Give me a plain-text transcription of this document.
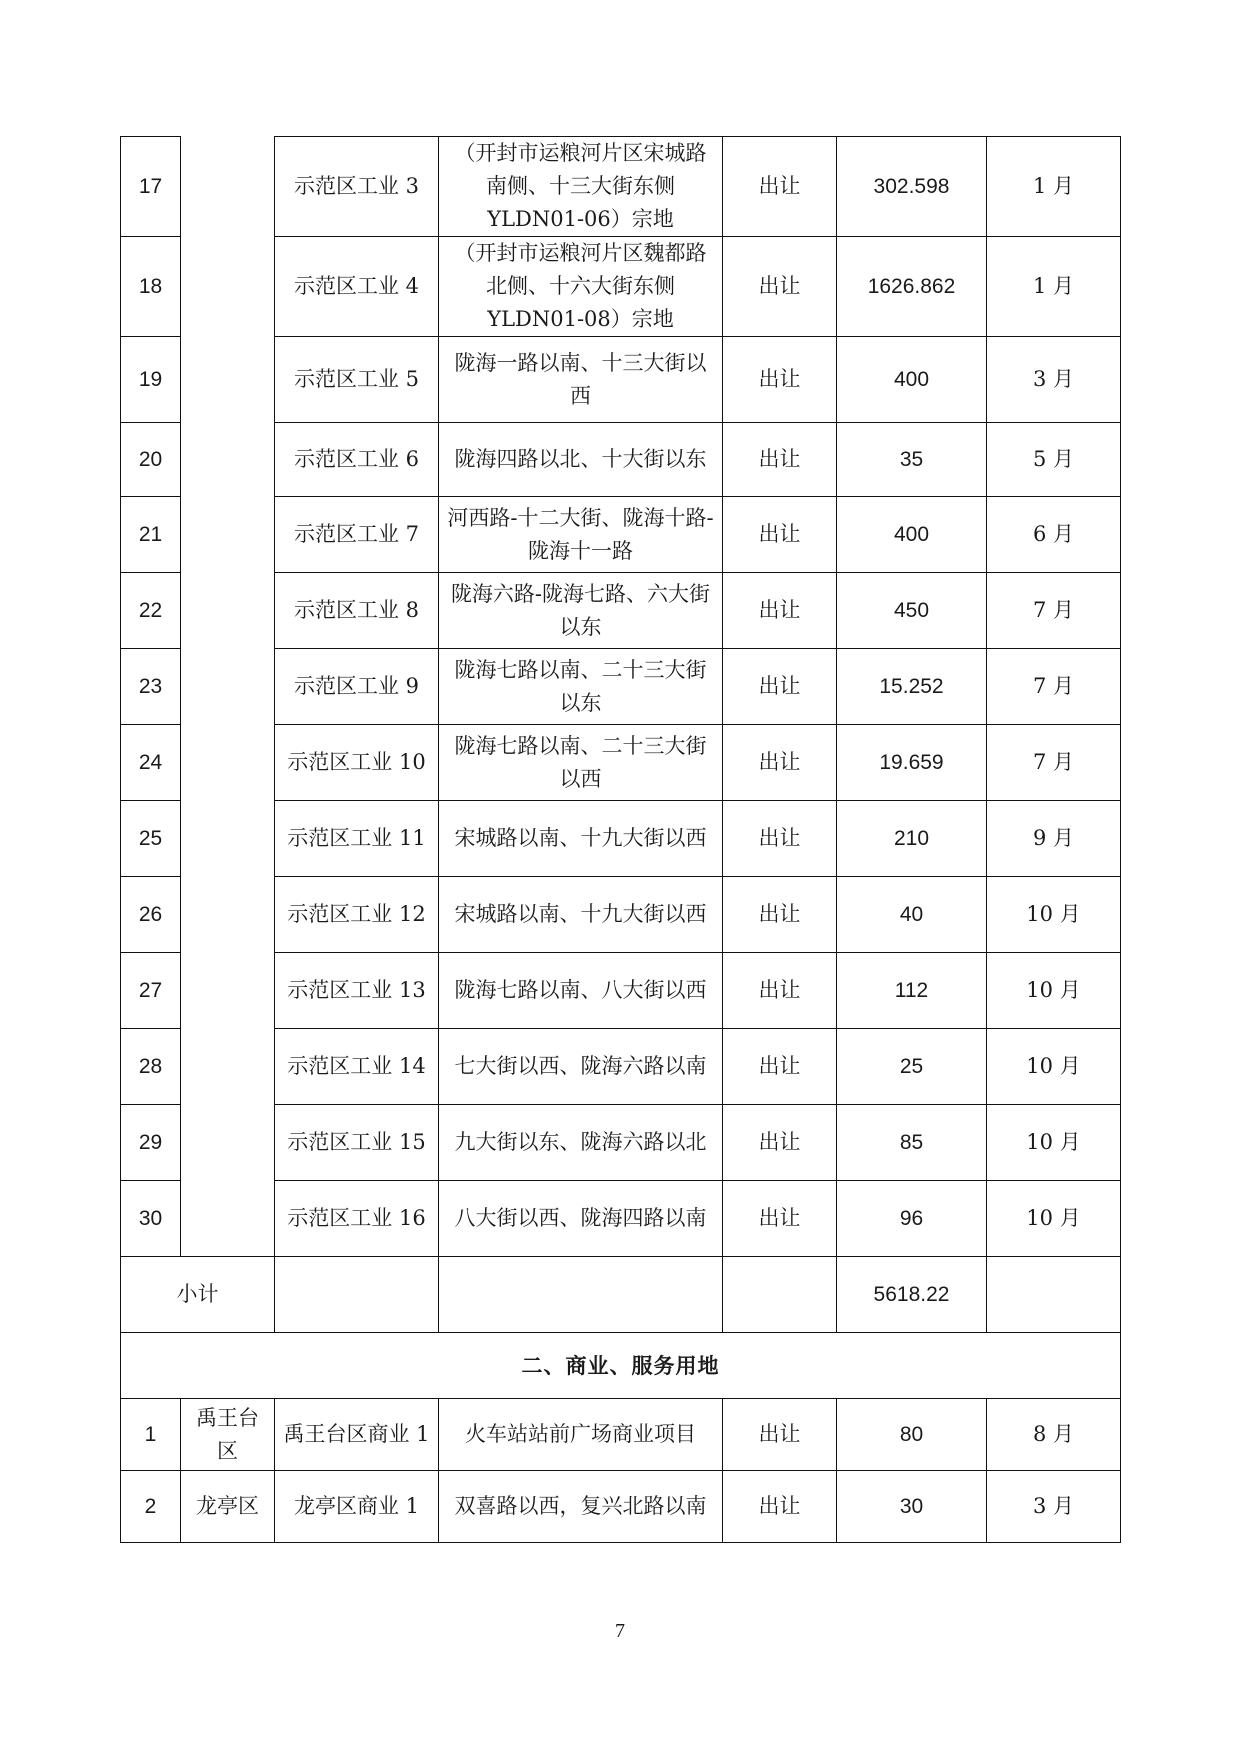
17		示范区工业 3	（开封市运粮河片区宋城路南侧、十三大街东侧 YLDN01-06）宗地	出让	302.598	1 月
18		示范区工业 4	（开封市运粮河片区魏都路北侧、十六大街东侧 YLDN01-08）宗地	出让	1626.862	1 月
19		示范区工业 5	陇海一路以南、十三大街以西	出让	400	3 月
20		示范区工业 6	陇海四路以北、十大街以东	出让	35	5 月
21		示范区工业 7	河西路-十二大街、陇海十路-陇海十一路	出让	400	6 月
22		示范区工业 8	陇海六路-陇海七路、六大街以东	出让	450	7 月
23		示范区工业 9	陇海七路以南、二十三大街以东	出让	15.252	7 月
24		示范区工业 10	陇海七路以南、二十三大街以西	出让	19.659	7 月
25		示范区工业 11	宋城路以南、十九大街以西	出让	210	9 月
26		示范区工业 12	宋城路以南、十九大街以西	出让	40	10 月
27		示范区工业 13	陇海七路以南、八大街以西	出让	112	10 月
28		示范区工业 14	七大街以西、陇海六路以南	出让	25	10 月
29		示范区工业 15	九大街以东、陇海六路以北	出让	85	10 月
30		示范区工业 16	八大街以西、陇海四路以南	出让	96	10 月
小计					5618.22	
二、商业、服务用地						
1	禹王台区	禹王台区商业 1	火车站站前广场商业项目	出让	80	8 月
2	龙亭区	龙亭区商业 1	双喜路以西，复兴北路以南	出让	30	3 月
7
